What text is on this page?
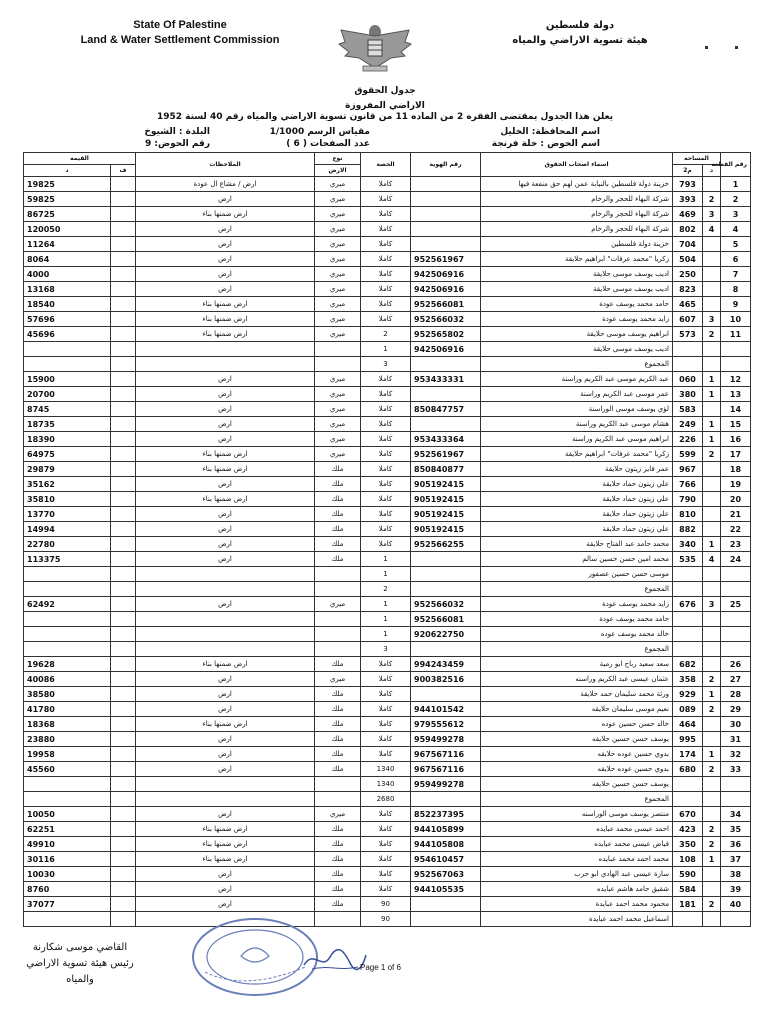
State Of Palestine
Land & Water Settlement Commission
دولة فلسطين
هيئة تسوية الاراضي والمياه
جدول الحقوق
الاراضي المفروزة
يعلن هذا الجدول بمقتضى الفقره 2 من الماده 11 من قانون تسوية الاراضي والمياه رقم 40 لسنة 1952
اسم المحافظة: الخليل
مقياس الرسم 1/1000
البلدة : الشيوخ
اسم الحوض : خلة فرنجة
عدد الصفحات ( 6 )
رقم الحوض: 9
رقم القطعه	المساحه		اسماء اصحاب الحقوق	رقم الهوية	الحصة	نوع	الملاحظات	القيمه	
	د	م2				الارض		ف	د
1		793	خزينة دولة فلسطين بالنيابة عمن لهم حق منفعة فيها		كاملا	ميري	ارض / مشاع ال عودة		19825
2	2	393	شركة البهاء للحجر والرخام		كاملا	ميري	ارض		59825
3	3	469	شركة البهاء للحجر والرخام		كاملا	ميري	ارض ضمنها بناء		86725
4	4	802	شركة البهاء للحجر والرخام		كاملا	ميري	ارض		120050
5		704	خزينة دولة فلسطين		كاملا	ميري	ارض		11264
6		504	زكريا "محمد عرفات" ابراهيم حلايقة	952561967	كاملا	ميري	ارض		8064
7		250	اديب يوسف موسى حلايقة	942506916	كاملا	ميري	ارض		4000
8		823	اديب يوسف موسى حلايقة	942506916	كاملا	ميري	ارض		13168
9		465	حامد محمد يوسف عودة	952566081	كاملا	ميري	ارض ضمنها بناء		18540
10	3	607	زايد محمد يوسف عودة	952566032	كاملا	ميري	ارض ضمنها بناء		57696
11	2	573	ابراهيم يوسف موسى حلايقة	952565802	2	ميري	ارض ضمنها بناء		45696
			اديب يوسف موسى حلايقة	942506916	1				
			المجموع		3				
12	1	060	عبد الكريم موسى عبد الكريم وراسنة	953433331	كاملا	ميري	ارض		15900
13	1	380	عمر موسى عبد الكريم وراسنة		كاملا	ميري	ارض		20700
14		583	لؤي يوسف موسى الوراسنة	850847757	كاملا	ميري	ارض		8745
15	1	249	هشام موسى عبد الكريم وراسنة		كاملا	ميري	ارض		18735
16	1	226	ابراهيم موسى عبد الكريم وراسنة	953433364	كاملا	ميري	ارض		18390
17	2	599	زكريا "محمد عرفات" ابراهيم حلايقة	952561967	كاملا	ميري	ارض ضمنها بناء		64975
18		967	عمر فايز زيتون حلايقة	850840877	كاملا	ملك	ارض ضمنها بناء		29879
19		766	علي زيتون حماد حلايقة	905192415	كاملا	ملك	ارض		35162
20		790	علي زيتون حماد حلايقة	905192415	كاملا	ملك	ارض ضمنها بناء		35810
21		810	علي زيتون حماد حلايقة	905192415	كاملا	ملك	ارض		13770
22		882	علي زيتون حماد حلايقة	905192415	كاملا	ملك	ارض		14994
23	1	340	محمد حامد عبد الفتاح حلايقة	952566255	كاملا	ملك	ارض		22780
24	4	535	محمد امين حسن حسين سالم		1	ملك	ارض		113375
			موسى حسن حسين عصفور		1				
			المجموع		2				
25	3	676	زايد محمد يوسف عودة	952566032	1	ميري	ارض		62492
			حامد محمد يوسف عودة	952566081	1				
			خالد محمد يوسف عوده	920622750	1				
			المجموع		3				
26		682	سعد سعيد رباح ابو رمية	994243459	كاملا	ملك	ارض ضمنها بناء		19628
27	2	358	عثمان عيسى عبد الكريم وراسنه	900382516	كاملا	ميري	ارض		40086
28	1	929	ورثة محمد سليمان حمد حلايقة		كاملا	ملك	ارض		38580
29	2	089	نعيم موسى سليمان حلايقه	944101542	كاملا	ملك	ارض		41780
30		464	خالد حسن حسين عوده	979555612	كاملا	ملك	ارض ضمنها بناء		18368
31		995	يوسف حسن حسين حلايقه	959499278	كاملا	ملك	ارض		23880
32	1	174	بدوي حسين عوده حلايقه	967567116	كاملا	ملك	ارض		19958
33	2	680	بدوي حسين عوده حلايقه	967567116	1340	ملك	ارض		45560
			يوسف حسن حسين حلايقه	959499278	1340				
			المجموع		2680				
34		670	منتصر يوسف موسى الوراسنه	852237395	كاملا	ميري	ارض		10050
35	2	423	احمد عيسى محمد عبايده	944105899	كاملا	ملك	ارض ضمنها بناء		62251
36	2	350	فياض عيسى محمد عبايده	944105808	كاملا	ملك	ارض ضمنها بناء		49910
37	1	108	محمد احمد محمد عبايده	954610457	كاملا	ملك	ارض ضمنها بناء		30116
38		590	سارة عيسى عبد الهادي ابو حرب	952567063	كاملا	ملك	ارض		10030
39		584	شقيق حامد هاشم عبايده	944105535	كاملا	ملك	ارض		8760
40	2	181	محمود محمد احمد عبايدة		90	ملك	ارض		37077
			اسماعيل محمد احمد عبايدة		90				
القاضي موسى شكارنة
رئيس هيئة تسوية الاراضي والمياه
Page 1 of 6
